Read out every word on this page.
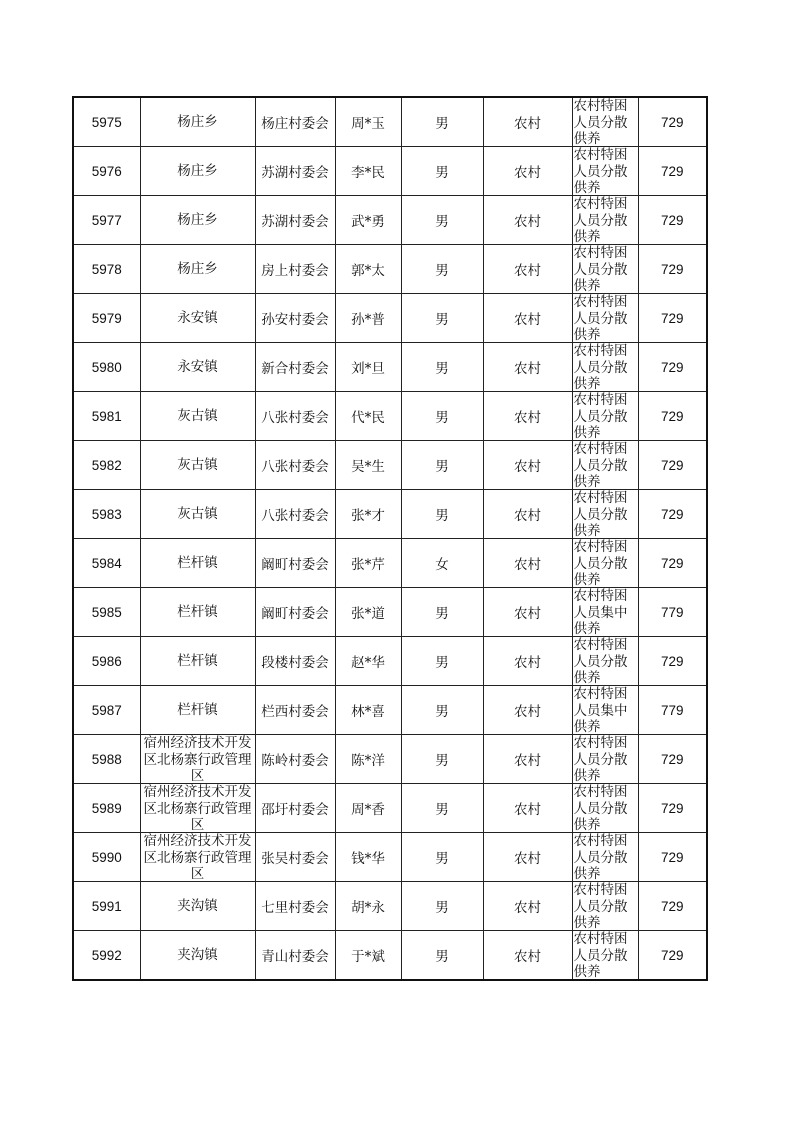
5975	杨庄乡	杨庄村委会	周*玉	男	农村	农村特困人员分散供养	729
5976	杨庄乡	苏湖村委会	李*民	男	农村	农村特困人员分散供养	729
5977	杨庄乡	苏湖村委会	武*勇	男	农村	农村特困人员分散供养	729
5978	杨庄乡	房上村委会	郭*太	男	农村	农村特困人员分散供养	729
5979	永安镇	孙安村委会	孙*普	男	农村	农村特困人员分散供养	729
5980	永安镇	新合村委会	刘*旦	男	农村	农村特困人员分散供养	729
5981	灰古镇	八张村委会	代*民	男	农村	农村特困人员分散供养	729
5982	灰古镇	八张村委会	吴*生	男	农村	农村特困人员分散供养	729
5983	灰古镇	八张村委会	张*才	男	农村	农村特困人员分散供养	729
5984	栏杆镇	阚町村委会	张*芹	女	农村	农村特困人员分散供养	729
5985	栏杆镇	阚町村委会	张*道	男	农村	农村特困人员集中供养	779
5986	栏杆镇	段楼村委会	赵*华	男	农村	农村特困人员分散供养	729
5987	栏杆镇	栏西村委会	林*喜	男	农村	农村特困人员集中供养	779
5988	宿州经济技术开发区北杨寨行政管理区	陈岭村委会	陈*洋	男	农村	农村特困人员分散供养	729
5989	宿州经济技术开发区北杨寨行政管理区	邵圩村委会	周*香	男	农村	农村特困人员分散供养	729
5990	宿州经济技术开发区北杨寨行政管理区	张吴村委会	钱*华	男	农村	农村特困人员分散供养	729
5991	夹沟镇	七里村委会	胡*永	男	农村	农村特困人员分散供养	729
5992	夹沟镇	青山村委会	于*斌	男	农村	农村特困人员分散供养	729
